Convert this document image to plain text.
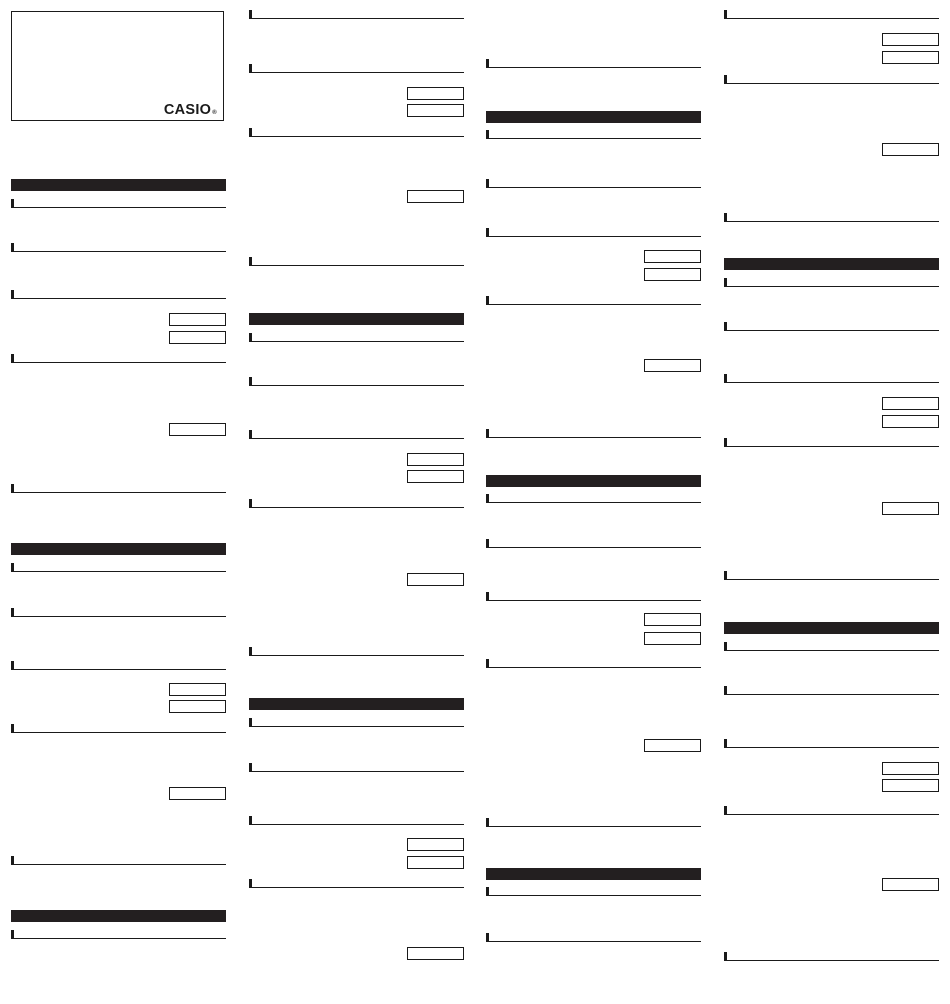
CASIO®
